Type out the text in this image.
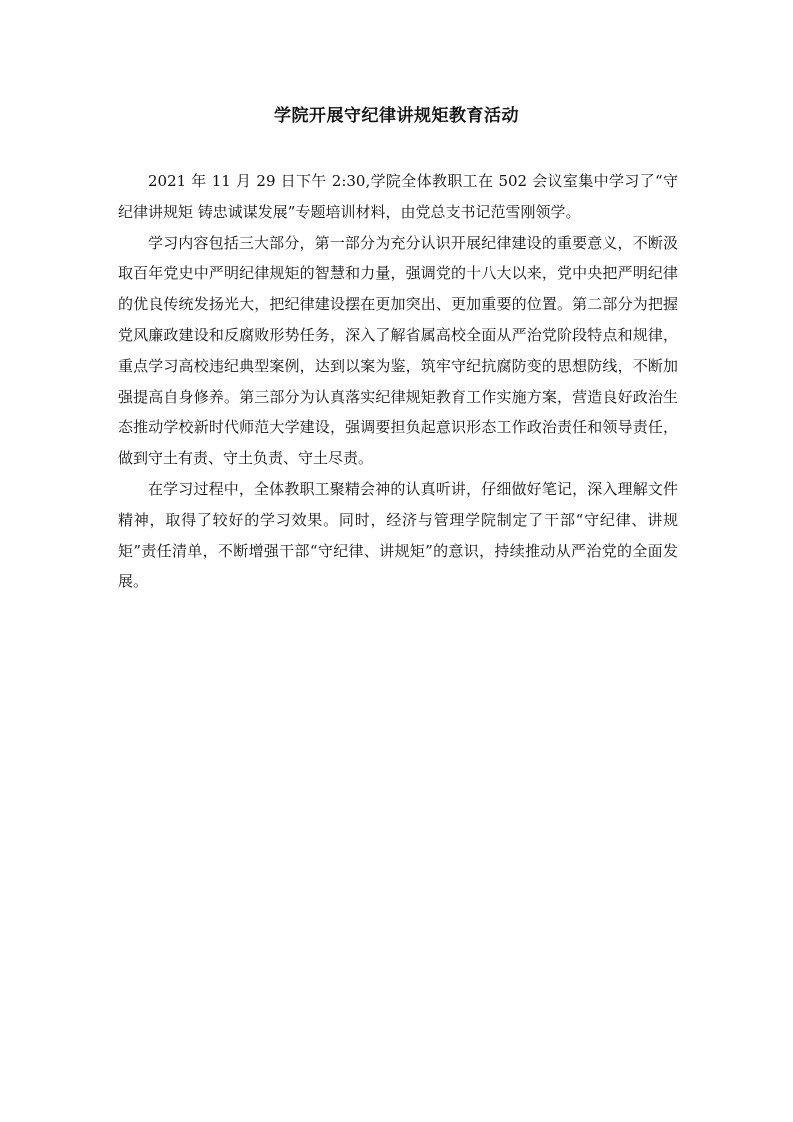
学院开展守纪律讲规矩教育活动

2021 年 11 月 29 日下午 2:30,学院全体教职工在 502 会议室集中学习了“守纪律讲规矩 铸忠诚谋发展”专题培训材料，由党总支书记范雪刚领学。

学习内容包括三大部分，第一部分为充分认识开展纪律建设的重要意义，不断汲取百年党史中严明纪律规矩的智慧和力量，强调党的十八大以来，党中央把严明纪律的优良传统发扬光大，把纪律建设摆在更加突出、更加重要的位置。第二部分为把握党风廉政建设和反腐败形势任务，深入了解省属高校全面从严治党阶段特点和规律，重点学习高校违纪典型案例，达到以案为鉴，筑牢守纪抗腐防变的思想防线，不断加强提高自身修养。第三部分为认真落实纪律规矩教育工作实施方案，营造良好政治生态推动学校新时代师范大学建设，强调要担负起意识形态工作政治责任和领导责任，做到守土有责、守土负责、守土尽责。

在学习过程中，全体教职工聚精会神的认真听讲，仔细做好笔记，深入理解文件精神，取得了较好的学习效果。同时，经济与管理学院制定了干部“守纪律、讲规矩”责任清单，不断增强干部“守纪律、讲规矩”的意识，持续推动从严治党的全面发展。
